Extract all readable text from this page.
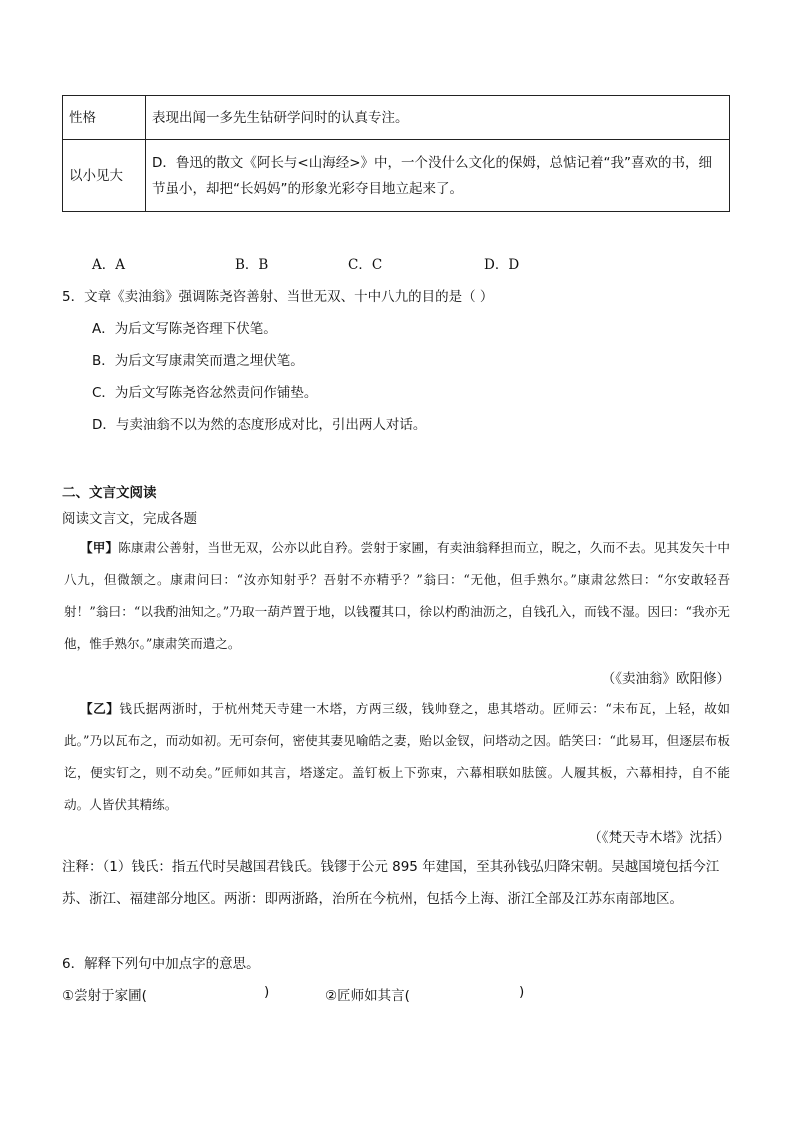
性格	表现出闻一多先生钻研学问时的认真专注。
以小见大	D．鲁迅的散文《阿长与<山海经>》中，一个没什么文化的保姆，总惦记着“我”喜欢的书，细节虽小，却把“长妈妈”的形象光彩夺目地立起来了。
A．A	B．B	C．C	D．D
5．文章《卖油翁》强调陈尧咨善射、当世无双、十中八九的目的是（ ）
A．为后文写陈尧咨理下伏笔。
B．为后文写康肃笑而遣之埋伏笔。
C．为后文写陈尧咨忿然责问作铺垫。
D．与卖油翁不以为然的态度形成对比，引出两人对话。
二、文言文阅读
阅读文言文，完成各题
【甲】陈康肃公善射，当世无双，公亦以此自矜。尝射于家圃，有卖油翁释担而立，睨之，久而不去。见其发矢十中八九，但微颔之。康肃问曰：“汝亦知射乎？吾射不亦精乎？”翁曰：“无他，但手熟尔。”康肃忿然曰：“尔安敢轻吾射！”翁曰：“以我酌油知之。”乃取一葫芦置于地，以钱覆其口，徐以杓酌油沥之，自钱孔入，而钱不湿。因曰：“我亦无他，惟手熟尔。”康肃笑而遣之。
（《卖油翁》欧阳修）
【乙】钱氏据两浙时，于杭州梵天寺建一木塔，方两三级，钱帅登之，患其塔动。匠师云：“未布瓦，上轻，故如此。”乃以瓦布之，而动如初。无可奈何，密使其妻见喻皓之妻，贻以金钗，问塔动之因。皓笑曰：“此易耳，但逐层布板讫，便实钉之，则不动矣。”匠师如其言，塔遂定。盖钉板上下弥束，六幕相联如胠箧。人履其板，六幕相持，自不能动。人皆伏其精练。
（《梵天寺木塔》沈括）
注释：（1）钱氏：指五代时吴越国君钱氏。钱镠于公元 895 年建国，至其孙钱弘归降宋朝。吴越国境包括今江苏、浙江、福建部分地区。两浙：即两浙路，治所在今杭州，包括今上海、浙江全部及江苏东南部地区。
6．解释下列句中加点字的意思。
①尝射于家圃(	)	②匠师如其言(	)
